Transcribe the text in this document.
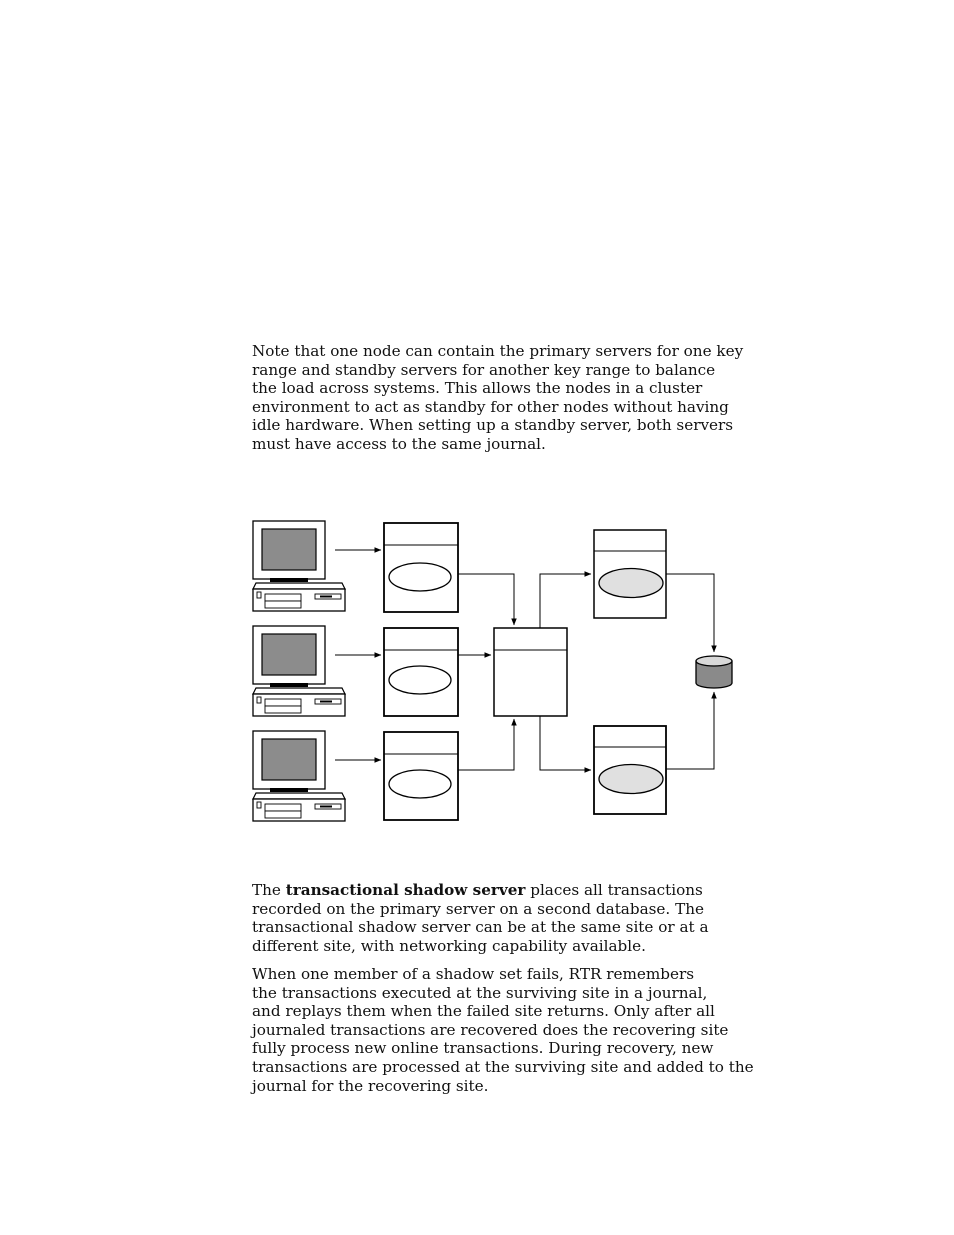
Note that one node can contain the primary servers for one key
range and standby servers for another key range to balance
the load across systems. This allows the nodes in a cluster
environment to act as standby for other nodes without having
idle hardware. When setting up a standby server, both servers
must have access to the same journal.

The transactional shadow server places all transactions
recorded on the primary server on a second database. The
transactional shadow server can be at the same site or at a
different site, with networking capability available.

When one member of a shadow set fails, RTR remembers
the transactions executed at the surviving site in a journal,
and replays them when the failed site returns. Only after all
journaled transactions are recovered does the recovering site
fully process new online transactions. During recovery, new
transactions are processed at the surviving site and added to the
journal for the recovering site.
